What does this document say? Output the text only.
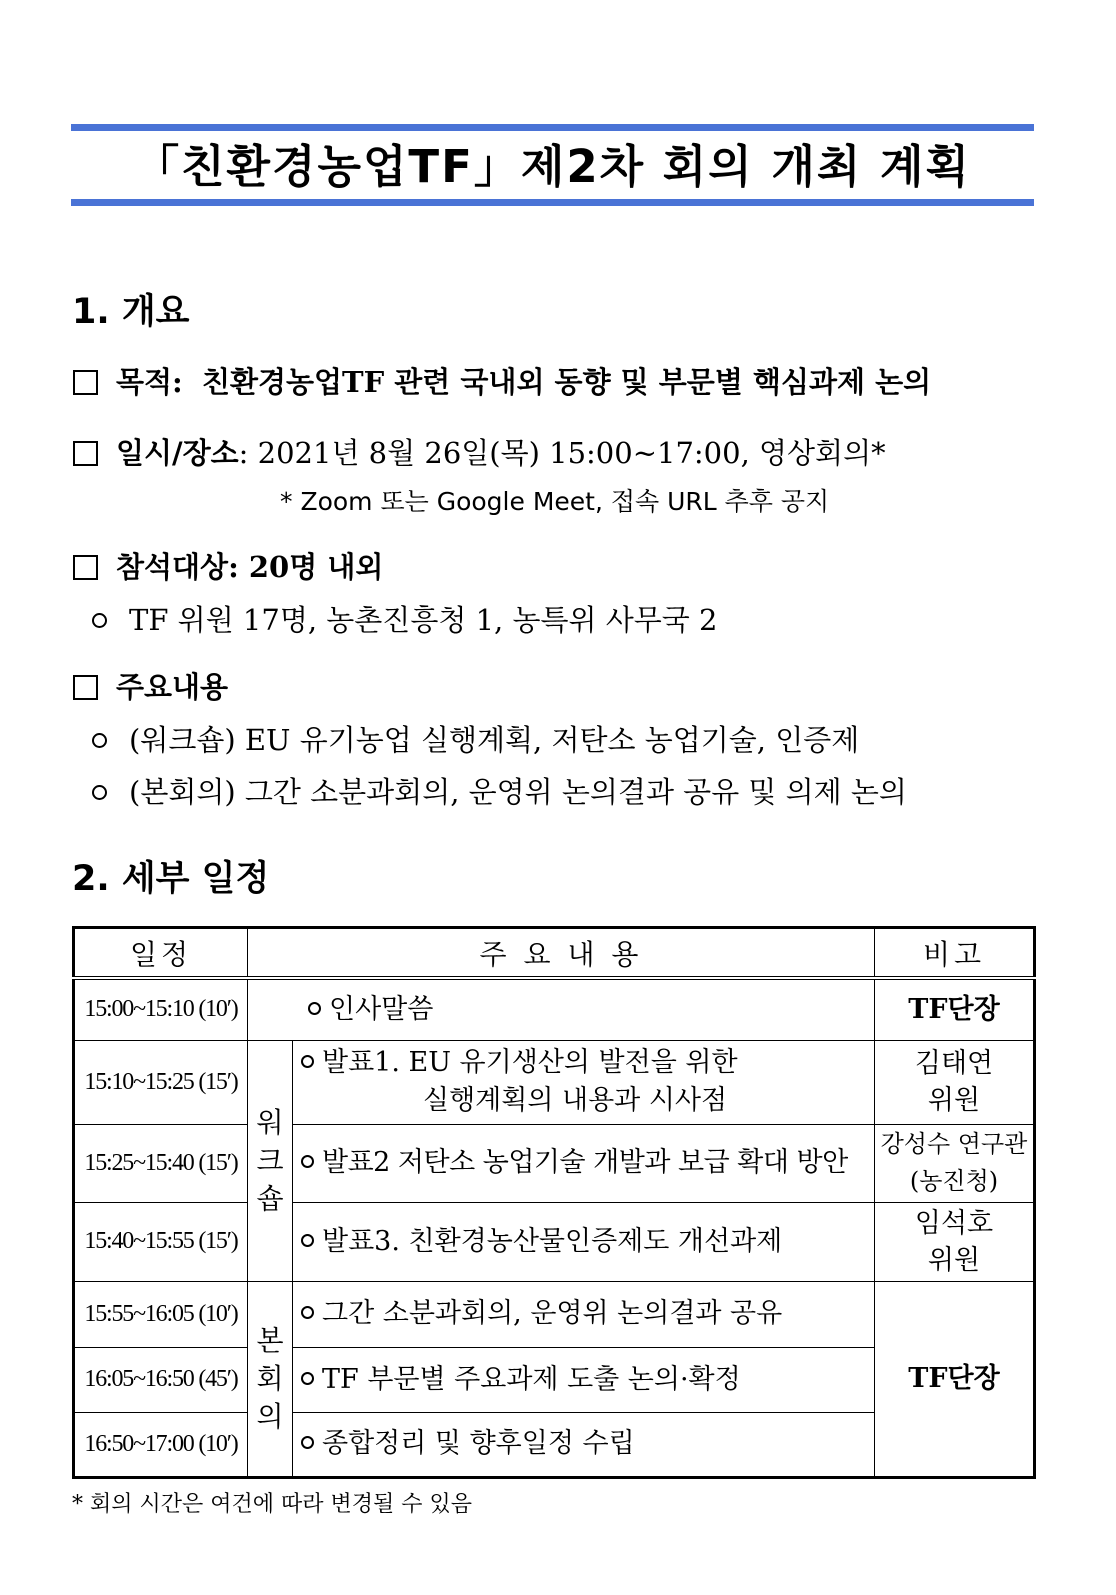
「친환경농업TF」제2차 회의 개최 계획
1. 개요
목적: 친환경농업TF 관련 국내외 동향 및 부문별 핵심과제 논의
일시/장소: 2021년 8월 26일(목) 15:00~17:00, 영상회의*
* Zoom 또는 Google Meet, 접속 URL 추후 공지
참석대상: 20명 내외
TF 위원 17명, 농촌진흥청 1, 농특위 사무국 2
주요내용
(워크숍) EU 유기농업 실행계획, 저탄소 농업기술, 인증제
(본회의) 그간 소분과회의, 운영위 논의결과 공유 및 의제 논의
2. 세부 일정
일정	주 요 내 용		비고
15:00~15:10 (10′)	인사말씀		TF단장
15:10~15:25 (15′)	워크숍	발표1. EU 유기생산의 발전을 위한
실행계획의 내용과 시사점	김태연
위원
15:25~15:40 (15′)		발표2 저탄소 농업기술 개발과 보급 확대 방안	강성수 연구관
(농진청)
15:40~15:55 (15′)		발표3. 친환경농산물인증제도 개선과제	임석호
위원
15:55~16:05 (10′)	본회의	그간 소분과회의, 운영위 논의결과 공유	TF단장
16:05~16:50 (45′)		TF 부문별 주요과제 도출 논의·확정	
16:50~17:00 (10′)		종합정리 및 향후일정 수립	
* 회의 시간은 여건에 따라 변경될 수 있음
